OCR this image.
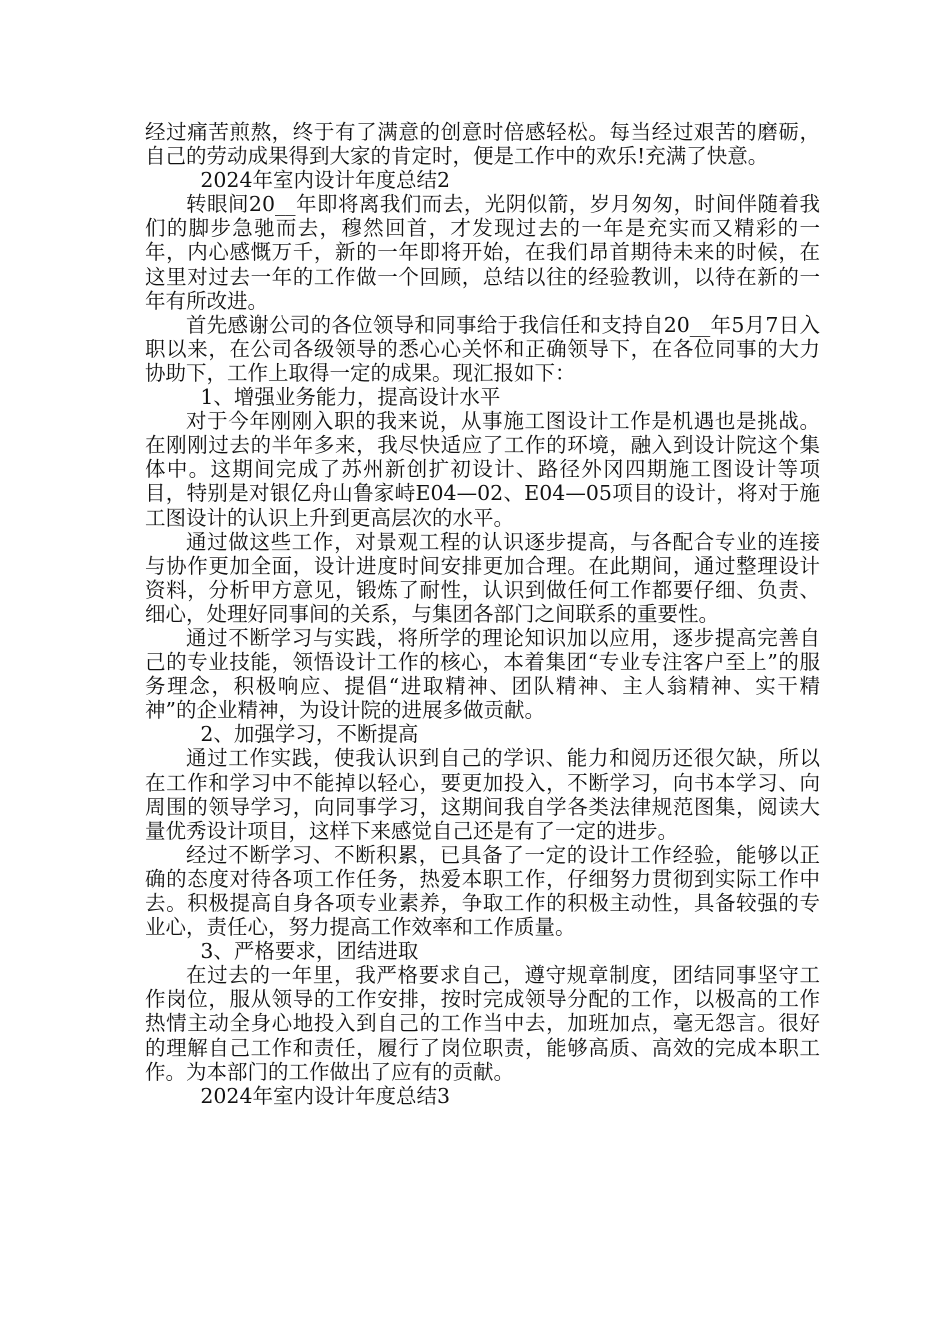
经过痛苦煎熬，终于有了满意的创意时倍感轻松。每当经过艰苦的磨砺，自己的劳动成果得到大家的肯定时，便是工作中的欢乐!充满了快意。

2024年室内设计年度总结2

转眼间20__年即将离我们而去，光阴似箭，岁月匆匆，时间伴随着我们的脚步急驰而去，穆然回首，才发现过去的一年是充实而又精彩的一年，内心感慨万千，新的一年即将开始，在我们昂首期待未来的时候，在这里对过去一年的工作做一个回顾，总结以往的经验教训，以待在新的一年有所改进。

首先感谢公司的各位领导和同事给于我信任和支持自20__年5月7日入职以来，在公司各级领导的悉心心关怀和正确领导下，在各位同事的大力协助下，工作上取得一定的成果。现汇报如下：

1、增强业务能力，提高设计水平

对于今年刚刚入职的我来说，从事施工图设计工作是机遇也是挑战。在刚刚过去的半年多来，我尽快适应了工作的环境，融入到设计院这个集体中。这期间完成了苏州新创扩初设计、路径外冈四期施工图设计等项目，特别是对银亿舟山鲁家峙E04—02、E04—05项目的设计，将对于施工图设计的认识上升到更高层次的水平。

通过做这些工作，对景观工程的认识逐步提高，与各配合专业的连接与协作更加全面，设计进度时间安排更加合理。在此期间，通过整理设计资料，分析甲方意见，锻炼了耐性，认识到做任何工作都要仔细、负责、细心，处理好同事间的关系，与集团各部门之间联系的重要性。

通过不断学习与实践，将所学的理论知识加以应用，逐步提高完善自己的专业技能，领悟设计工作的核心，本着集团“专业专注客户至上”的服务理念，积极响应、提倡“进取精神、团队精神、主人翁精神、实干精神”的企业精神，为设计院的进展多做贡献。

2、加强学习，不断提高

通过工作实践，使我认识到自己的学识、能力和阅历还很欠缺，所以在工作和学习中不能掉以轻心，要更加投入，不断学习，向书本学习、向周围的领导学习，向同事学习，这期间我自学各类法律规范图集，阅读大量优秀设计项目，这样下来感觉自己还是有了一定的进步。

经过不断学习、不断积累，已具备了一定的设计工作经验，能够以正确的态度对待各项工作任务，热爱本职工作，仔细努力贯彻到实际工作中去。积极提高自身各项专业素养，争取工作的积极主动性，具备较强的专业心，责任心，努力提高工作效率和工作质量。

3、严格要求，团结进取

在过去的一年里，我严格要求自己，遵守规章制度，团结同事坚守工作岗位，服从领导的工作安排，按时完成领导分配的工作，以极高的工作热情主动全身心地投入到自己的工作当中去，加班加点，毫无怨言。很好的理解自己工作和责任，履行了岗位职责，能够高质、高效的完成本职工作。为本部门的工作做出了应有的贡献。

2024年室内设计年度总结3
